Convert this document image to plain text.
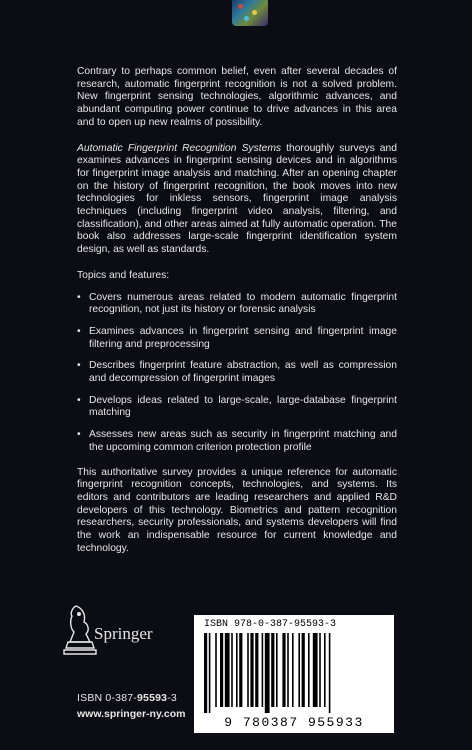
Contrary to perhaps common belief, even after several decades of research, automatic fingerprint recognition is not a solved problem. New fingerprint sensing technologies, algorithmic advances, and abundant computing power continue to drive advances in this area and to open up new realms of possibility.

Automatic Fingerprint Recognition Systems thoroughly surveys and examines advances in fingerprint sensing devices and in algorithms for fingerprint image analysis and matching. After an opening chapter on the history of fingerprint recognition, the book moves into new technologies for inkless sensors, fingerprint image analysis techniques (including fingerprint video analysis, filtering, and classification), and other areas aimed at fully automatic operation. The book also addresses large-scale fingerprint identification system design, as well as standards.

Topics and features:

• Covers numerous areas related to modern automatic fingerprint recognition, not just its history or forensic analysis
• Examines advances in fingerprint sensing and fingerprint image filtering and preprocessing
• Describes fingerprint feature abstraction, as well as compression and decompression of fingerprint images
• Develops ideas related to large-scale, large-database fingerprint matching
• Assesses new areas such as security in fingerprint matching and the upcoming common criterion protection profile

This authoritative survey provides a unique reference for automatic fingerprint recognition concepts, technologies, and systems. Its editors and contributors are leading researchers and applied R&D developers of this technology. Biometrics and pattern recognition researchers, security professionals, and systems developers will find the work an indispensable resource for current knowledge and technology.

Springer
ISBN 0-387-95593-3
www.springer-ny.com
ISBN 978-0-387-95593-3
9 780387 955933
